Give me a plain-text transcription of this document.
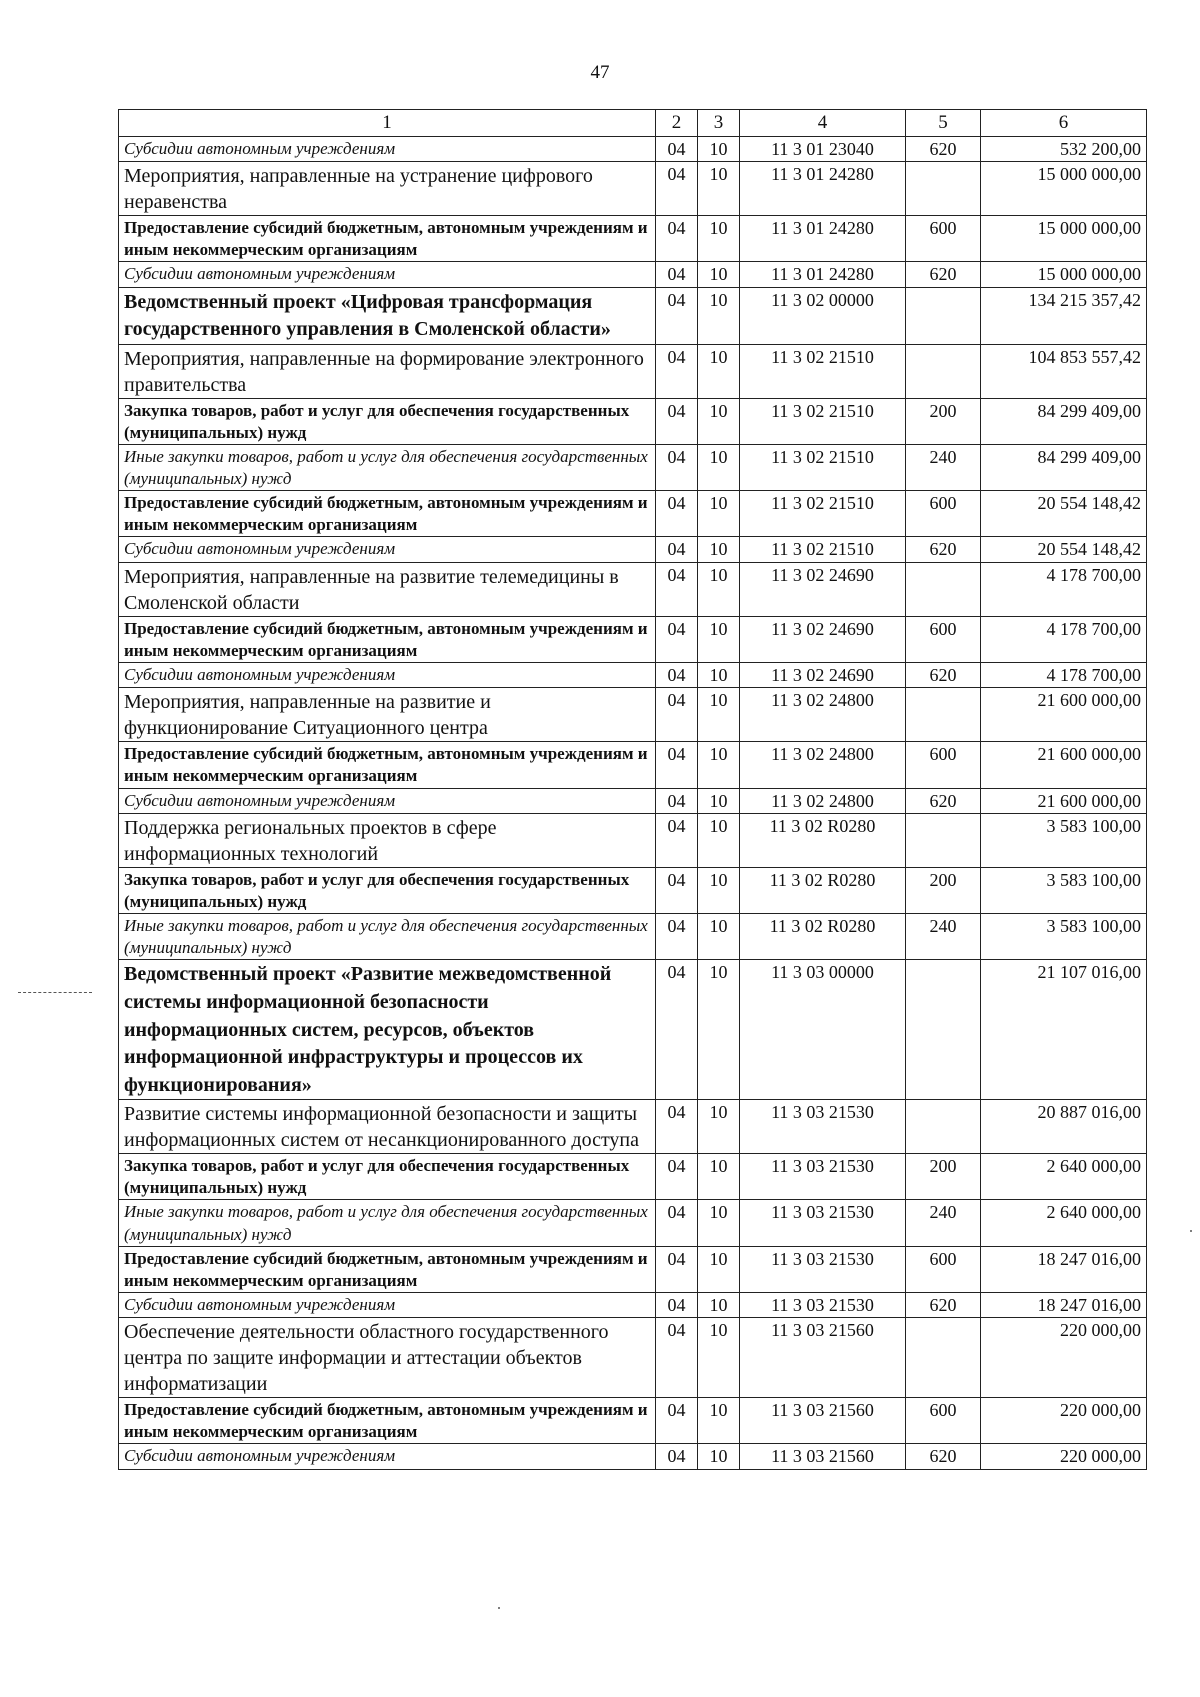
47
1	2	3	4	5	6
Субсидии автономным учреждениям	04	10	11 3 01 23040	620	532 200,00
Мероприятия, направленные на устранение цифрового неравенства	04	10	11 3 01 24280		15 000 000,00
Предоставление субсидий бюджетным, автономным учреждениям и иным некоммерческим организациям	04	10	11 3 01 24280	600	15 000 000,00
Субсидии автономным учреждениям	04	10	11 3 01 24280	620	15 000 000,00
Ведомственный проект «Цифровая трансформация государственного управления в Смоленской области»	04	10	11 3 02 00000		134 215 357,42
Мероприятия, направленные на формирование электронного правительства	04	10	11 3 02 21510		104 853 557,42
Закупка товаров, работ и услуг для обеспечения государственных (муниципальных) нужд	04	10	11 3 02 21510	200	84 299 409,00
Иные закупки товаров, работ и услуг для обеспечения государственных (муниципальных) нужд	04	10	11 3 02 21510	240	84 299 409,00
Предоставление субсидий бюджетным, автономным учреждениям и иным некоммерческим организациям	04	10	11 3 02 21510	600	20 554 148,42
Субсидии автономным учреждениям	04	10	11 3 02 21510	620	20 554 148,42
Мероприятия, направленные на развитие телемедицины в Смоленской области	04	10	11 3 02 24690		4 178 700,00
Предоставление субсидий бюджетным, автономным учреждениям и иным некоммерческим организациям	04	10	11 3 02 24690	600	4 178 700,00
Субсидии автономным учреждениям	04	10	11 3 02 24690	620	4 178 700,00
Мероприятия, направленные на развитие и функционирование Ситуационного центра	04	10	11 3 02 24800		21 600 000,00
Предоставление субсидий бюджетным, автономным учреждениям и иным некоммерческим организациям	04	10	11 3 02 24800	600	21 600 000,00
Субсидии автономным учреждениям	04	10	11 3 02 24800	620	21 600 000,00
Поддержка региональных проектов в сфере информационных технологий	04	10	11 3 02 R0280		3 583 100,00
Закупка товаров, работ и услуг для обеспечения государственных (муниципальных) нужд	04	10	11 3 02 R0280	200	3 583 100,00
Иные закупки товаров, работ и услуг для обеспечения государственных (муниципальных) нужд	04	10	11 3 02 R0280	240	3 583 100,00
Ведомственный проект «Развитие межведомственной системы информационной безопасности информационных систем, ресурсов, объектов информационной инфраструктуры и процессов их функционирования»	04	10	11 3 03 00000		21 107 016,00
Развитие системы информационной безопасности и защиты информационных систем от несанкционированного доступа	04	10	11 3 03 21530		20 887 016,00
Закупка товаров, работ и услуг для обеспечения государственных (муниципальных) нужд	04	10	11 3 03 21530	200	2 640 000,00
Иные закупки товаров, работ и услуг для обеспечения государственных (муниципальных) нужд	04	10	11 3 03 21530	240	2 640 000,00
Предоставление субсидий бюджетным, автономным учреждениям и иным некоммерческим организациям	04	10	11 3 03 21530	600	18 247 016,00
Субсидии автономным учреждениям	04	10	11 3 03 21530	620	18 247 016,00
Обеспечение деятельности областного государственного центра по защите информации и аттестации объектов информатизации	04	10	11 3 03 21560		220 000,00
Предоставление субсидий бюджетным, автономным учреждениям и иным некоммерческим организациям	04	10	11 3 03 21560	600	220 000,00
Субсидии автономным учреждениям	04	10	11 3 03 21560	620	220 000,00
